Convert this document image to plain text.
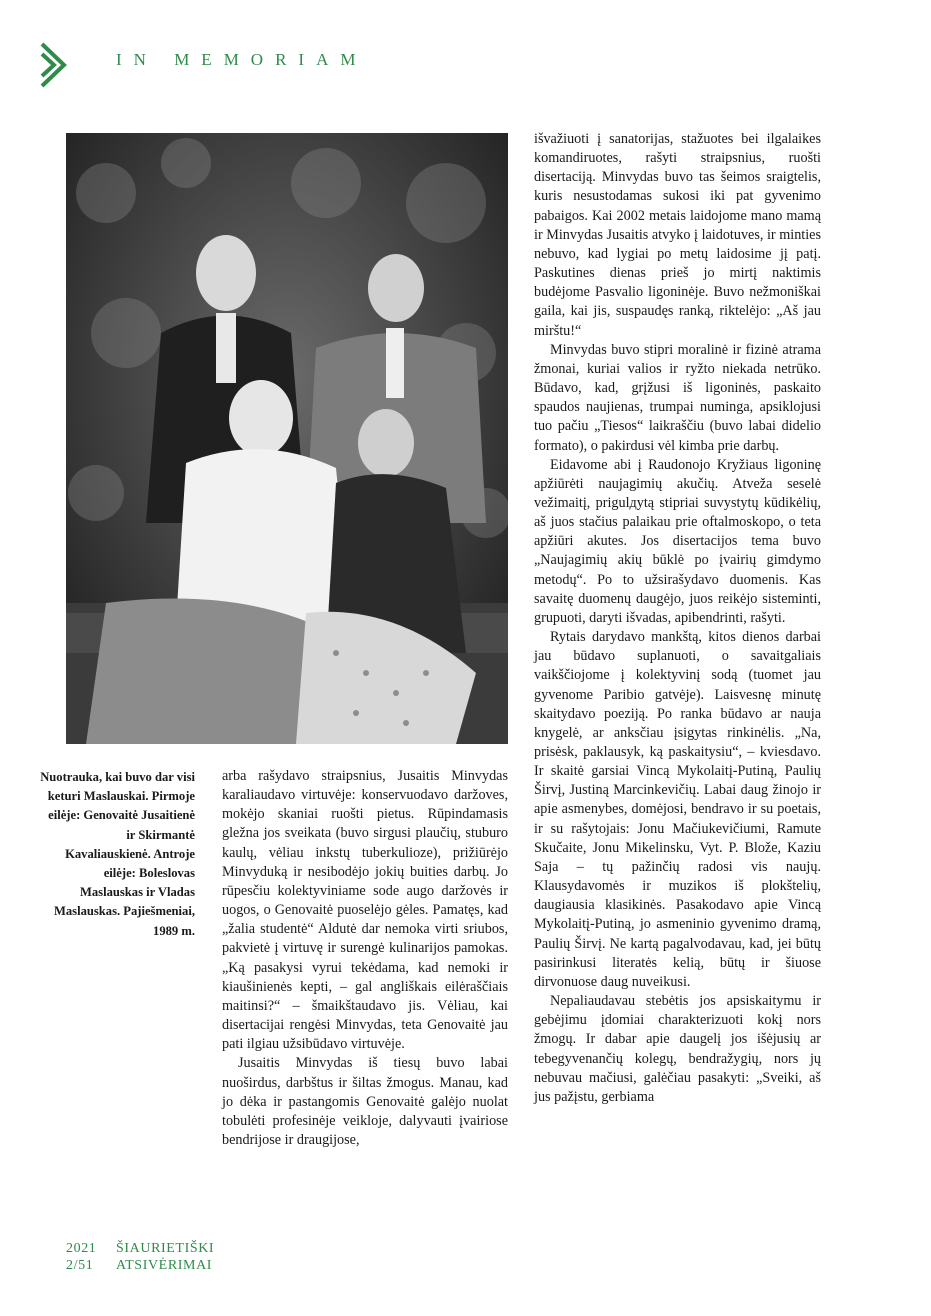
IN MEMORIAM
Nuotrauka, kai buvo dar visi keturi Maslauskai. Pirmoje eilėje: Genovaitė Jusaitienė ir Skirmantė Kavaliauskienė. Antroje eilėje: Boleslovas Maslauskas ir Vladas Maslauskas. Pajiešmeniai, 1989 m.

arba rašydavo straipsnius, Jusaitis Minvydas karaliaudavo virtuvėje: konservuodavo daržoves, mokėjo skaniai ruošti pietus. Rūpindamasis gležna jos sveikata (buvo sirgusi plaučių, stuburo kaulų, vėliau inkstų tuberkulioze), prižiūrėjo Minvyduką ir nesibodėjo jokių buities darbų. Jo rūpesčiu kolektyviniame sode augo daržovės ir uogos, o Genovaitė puoselėjo gėles. Pamatęs, kad „žalia studentė“ Aldutė dar nemoka virti sriubos, pakvietė į virtuvę ir surengė kulinarijos pamokas. „Ką pasakysi vyrui tekėdama, kad nemoki ir kiaušinienės kepti, – gal angliškais eilėraščiais maitinsi?“ – šmaikštaudavo jis. Vėliau, kai disertacijai rengėsi Minvydas, teta Genovaitė jau pati ilgiau užsibūdavo virtuvėje.

Jusaitis Minvydas iš tiesų buvo labai nuoširdus, darbštus ir šiltas žmogus. Manau, kad jo dėka ir pastangomis Genovaitė galėjo nuolat tobulėti profesinėje veikloje, dalyvauti įvairiose bendrijose ir draugijose,

išvažiuoti į sanatorijas, stažuotes bei ilgalaikes komandiruotes, rašyti straipsnius, ruošti disertaciją. Minvydas buvo tas šeimos sraigtelis, kuris nesustodamas sukosi iki pat gyvenimo pabaigos. Kai 2002 metais laidojome mano mamą ir Minvydas Jusaitis atvyko į laidotuves, ir minties nebuvo, kad lygiai po metų laidosime jį patį. Paskutines dienas prieš jo mirtį naktimis budėjome Pasvalio ligoninėje. Buvo nežmoniškai gaila, kai jis, suspaudęs ranką, riktelėjo: „Aš jau mirštu!“

Minvydas buvo stipri moralinė ir fizinė atrama žmonai, kuriai valios ir ryžto niekada netrūko. Būdavo, kad, grįžusi iš ligoninės, paskaito spaudos naujienas, trumpai numinga, apsiklojusi tuo pačiu „Tiesos“ laikraščiu (buvo labai didelio formato), o pakirdusi vėl kimba prie darbų.

Eidavome abi į Raudonojo Kryžiaus ligoninę apžiūrėti naujagimių akučių. Atveža seselė vežimaitį, prigulдytą stipriai suvystytų kūdikėlių, aš juos stačius palaikau prie oftalmoskopo, o teta apžiūri akutes. Jos disertacijos tema buvo „Naujagimių akių būklė po įvairių gimdymo metodų“. Po to užsirašydavo duomenis. Kas savaitę duomenų daugėjo, juos reikėjo sisteminti, grupuoti, daryti išvadas, apibendrinti, rašyti.

Rytais darydavo mankštą, kitos dienos darbai jau būdavo suplanuoti, o savaitgaliais vaikščiojome į kolektyvinį sodą (tuomet jau gyvenome Paribio gatvėje). Laisvesnę minutę skaitydavo poeziją. Po ranka būdavo ar nauja knygelė, ar anksčiau įsigytas rinkinėlis. „Na, prisėsk, paklausyk, ką paskaitysiu“, – kviesdavo. Ir skaitė garsiai Vincą Mykolaitį-Putiną, Paulių Širvį, Justiną Marcinkevičių. Labai daug žinojo ir apie asmenybes, domėjosi, bendravo ir su poetais, ir su rašytojais: Jonu Mačiukevičiumi, Ramute Skučaite, Jonu Mikelinsku, Vyt. P. Bložе, Kaziu Saja – tų pažinčių radosi vis naujų. Klausydavomės ir muzikos iš plokštelių, daugiausia klasikinės. Pasakodavo apie Vincą Mykolaitį-Putiną, jo asmeninio gyvenimo dramą, Paulių Širvį. Ne kartą pagalvodavau, kad, jei būtų pasirinkusi literatės kelią, būtų ir šiuose dirvonuose daug nuveikusi.

Nepaliaudavau stebėtis jos apsiskaitymu ir gebėjimu įdomiai charakterizuoti kokį nors žmogų. Ir dabar apie daugelį jos išėjusių ar tebegyvenančių kolegų, bendražygių, nors jų nebuvau mačiusi, galėčiau pasakyti: „Sveiki, aš jus pažįstu, gerbiama

2021	ŠIAURIETIŠKI
2/51	ATSIVĖRIMAI
